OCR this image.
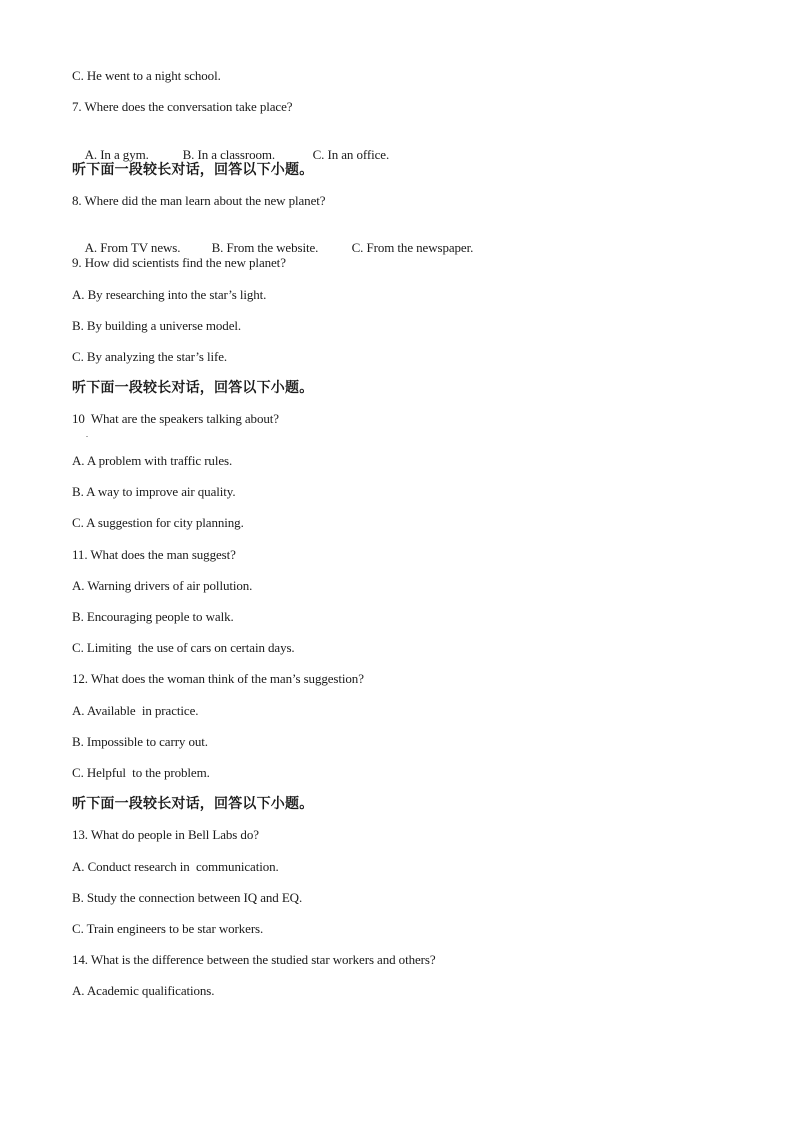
C. He went to a night school.
7. Where does the conversation take place?

A. In a gym.	B. In a classroom.	C. In an office.

听下面一段较长对话，回答以下小题。
8. Where did the man learn about the new planet?

A. From TV news. B. From the website.	C. From the newspaper.

9. How did scientists find the new planet?
A. By researching into the star’s light.
B. By building a universe model.
C. By analyzing the star’s life.
听下面一段较长对话，回答以下小题。
10  What are the speakers talking about?
.
A. A problem with traffic rules.
B. A way to improve air quality.
C. A suggestion for city planning.
11. What does the man suggest?
A. Warning drivers of air pollution.
B. Encouraging people to walk.
C. Limiting  the use of cars on certain days.
12. What does the woman think of the man’s suggestion?
A. Available  in practice.
B. Impossible to carry out.
C. Helpful  to the problem.
听下面一段较长对话，回答以下小题。
13. What do people in Bell Labs do?
A. Conduct research in  communication.
B. Study the connection between IQ and EQ.
C. Train engineers to be star workers.
14. What is the difference between the studied star workers and others?
A. Academic qualifications.
